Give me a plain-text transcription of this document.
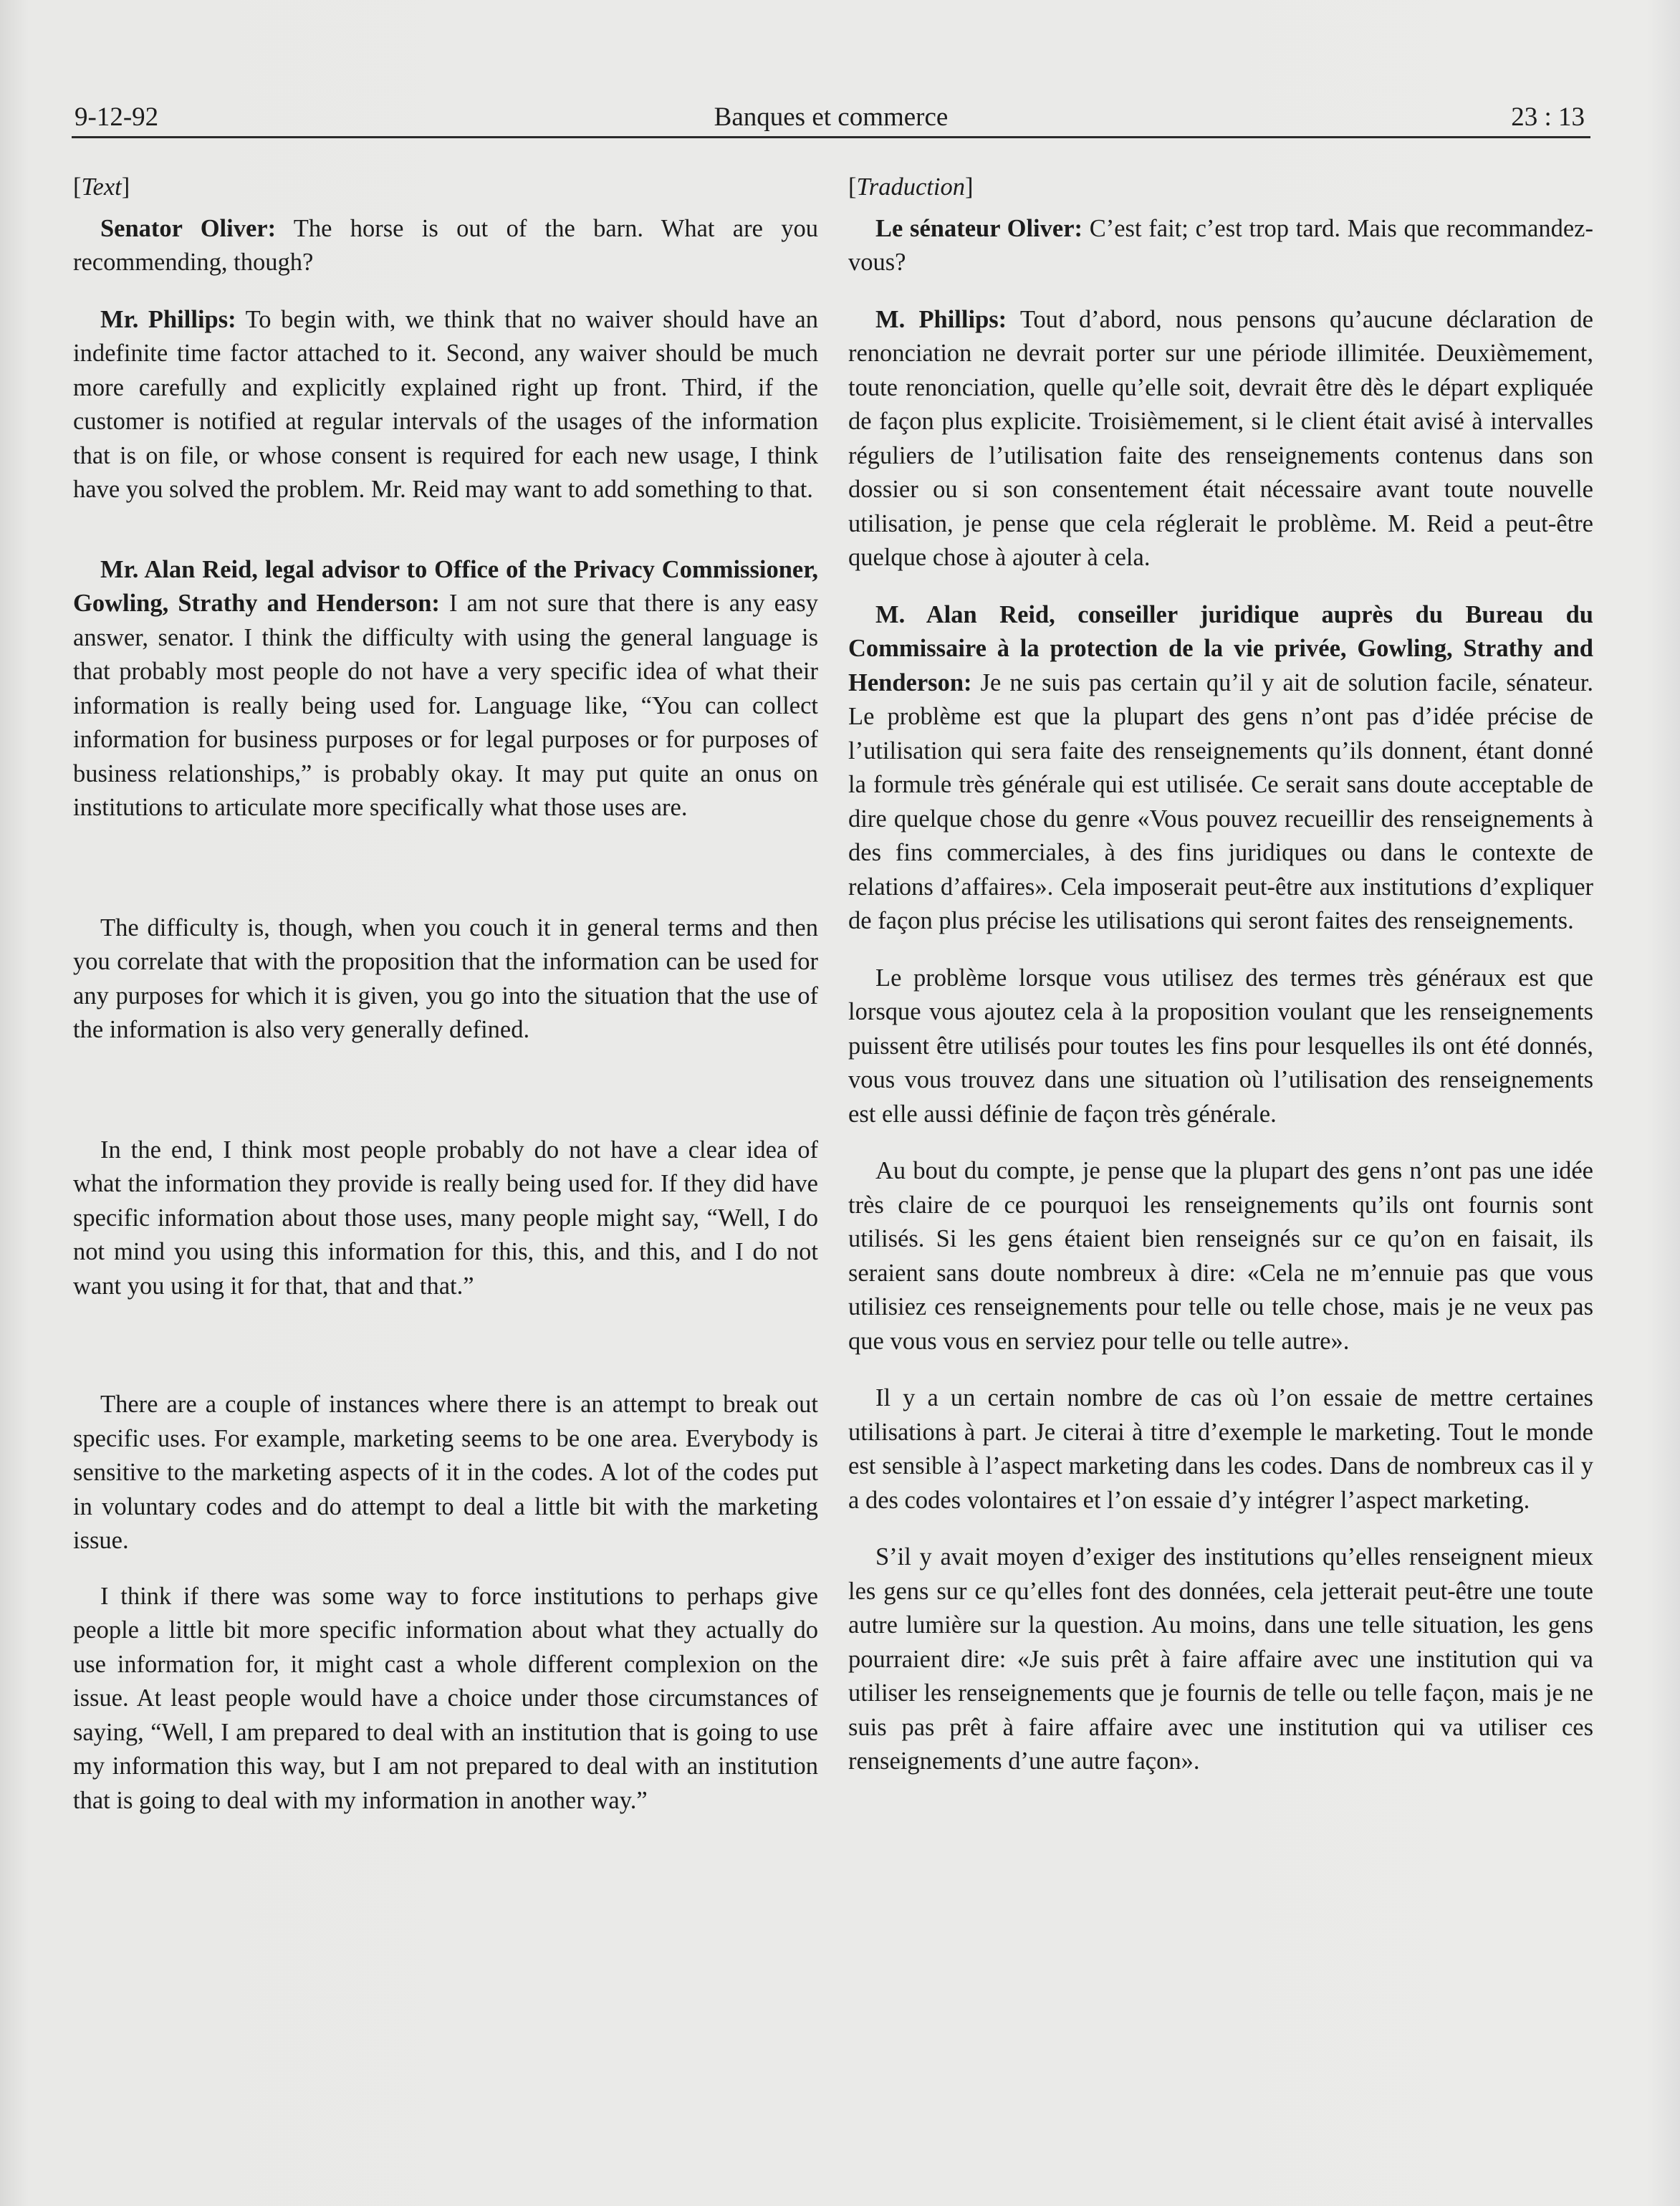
9-12-92	Banques et commerce	23 : 13

[Text]

Senator Oliver: The horse is out of the barn. What are you recommending, though?

Mr. Phillips: To begin with, we think that no waiver should have an indefinite time factor attached to it. Second, any waiver should be much more carefully and explicitly explained right up front. Third, if the customer is notified at regular intervals of the usages of the information that is on file, or whose consent is required for each new usage, I think have you solved the problem. Mr. Reid may want to add something to that.

Mr. Alan Reid, legal advisor to Office of the Privacy Commissioner, Gowling, Strathy and Henderson: I am not sure that there is any easy answer, senator. I think the difficulty with using the general language is that probably most people do not have a very specific idea of what their information is really being used for. Language like, “You can collect information for business purposes or for legal purposes or for purposes of business relationships,” is probably okay. It may put quite an onus on institutions to articulate more specifically what those uses are.

The difficulty is, though, when you couch it in general terms and then you correlate that with the proposition that the information can be used for any purposes for which it is given, you go into the situation that the use of the information is also very generally defined.

In the end, I think most people probably do not have a clear idea of what the information they provide is really being used for. If they did have specific information about those uses, many people might say, “Well, I do not mind you using this information for this, this, and this, and I do not want you using it for that, that and that.”

There are a couple of instances where there is an attempt to break out specific uses. For example, marketing seems to be one area. Everybody is sensitive to the marketing aspects of it in the codes. A lot of the codes put in voluntary codes and do attempt to deal a little bit with the marketing issue.

I think if there was some way to force institutions to perhaps give people a little bit more specific information about what they actually do use information for, it might cast a whole different complexion on the issue. At least people would have a choice under those circumstances of saying, “Well, I am prepared to deal with an institution that is going to use my information this way, but I am not prepared to deal with an institution that is going to deal with my information in another way.”

[Traduction]

Le sénateur Oliver: C’est fait; c’est trop tard. Mais que recommandez-vous?

M. Phillips: Tout d’abord, nous pensons qu’aucune déclaration de renonciation ne devrait porter sur une période illimitée. Deuxièmement, toute renonciation, quelle qu’elle soit, devrait être dès le départ expliquée de façon plus explicite. Troisièmement, si le client était avisé à intervalles réguliers de l’utilisation faite des renseignements contenus dans son dossier ou si son consentement était nécessaire avant toute nouvelle utilisation, je pense que cela réglerait le problème. M. Reid a peut-être quelque chose à ajouter à cela.

M. Alan Reid, conseiller juridique auprès du Bureau du Commissaire à la protection de la vie privée, Gowling, Strathy and Henderson: Je ne suis pas certain qu’il y ait de solution facile, sénateur. Le problème est que la plupart des gens n’ont pas d’idée précise de l’utilisation qui sera faite des renseignements qu’ils donnent, étant donné la formule très générale qui est utilisée. Ce serait sans doute acceptable de dire quelque chose du genre «Vous pouvez recueillir des renseignements à des fins commerciales, à des fins juridiques ou dans le contexte de relations d’affaires». Cela imposerait peut-être aux institutions d’expliquer de façon plus précise les utilisations qui seront faites des renseignements.

Le problème lorsque vous utilisez des termes très généraux est que lorsque vous ajoutez cela à la proposition voulant que les renseignements puissent être utilisés pour toutes les fins pour lesquelles ils ont été donnés, vous vous trouvez dans une situation où l’utilisation des renseignements est elle aussi définie de façon très générale.

Au bout du compte, je pense que la plupart des gens n’ont pas une idée très claire de ce pourquoi les renseignements qu’ils ont fournis sont utilisés. Si les gens étaient bien renseignés sur ce qu’on en faisait, ils seraient sans doute nombreux à dire: «Cela ne m’ennuie pas que vous utilisiez ces renseignements pour telle ou telle chose, mais je ne veux pas que vous vous en serviez pour telle ou telle autre».

Il y a un certain nombre de cas où l’on essaie de mettre certaines utilisations à part. Je citerai à titre d’exemple le marketing. Tout le monde est sensible à l’aspect marketing dans les codes. Dans de nombreux cas il y a des codes volontaires et l’on essaie d’y intégrer l’aspect marketing.

S’il y avait moyen d’exiger des institutions qu’elles renseignent mieux les gens sur ce qu’elles font des données, cela jetterait peut-être une toute autre lumière sur la question. Au moins, dans une telle situation, les gens pourraient dire: «Je suis prêt à faire affaire avec une institution qui va utiliser les renseignements que je fournis de telle ou telle façon, mais je ne suis pas prêt à faire affaire avec une institution qui va utiliser ces renseignements d’une autre façon».
